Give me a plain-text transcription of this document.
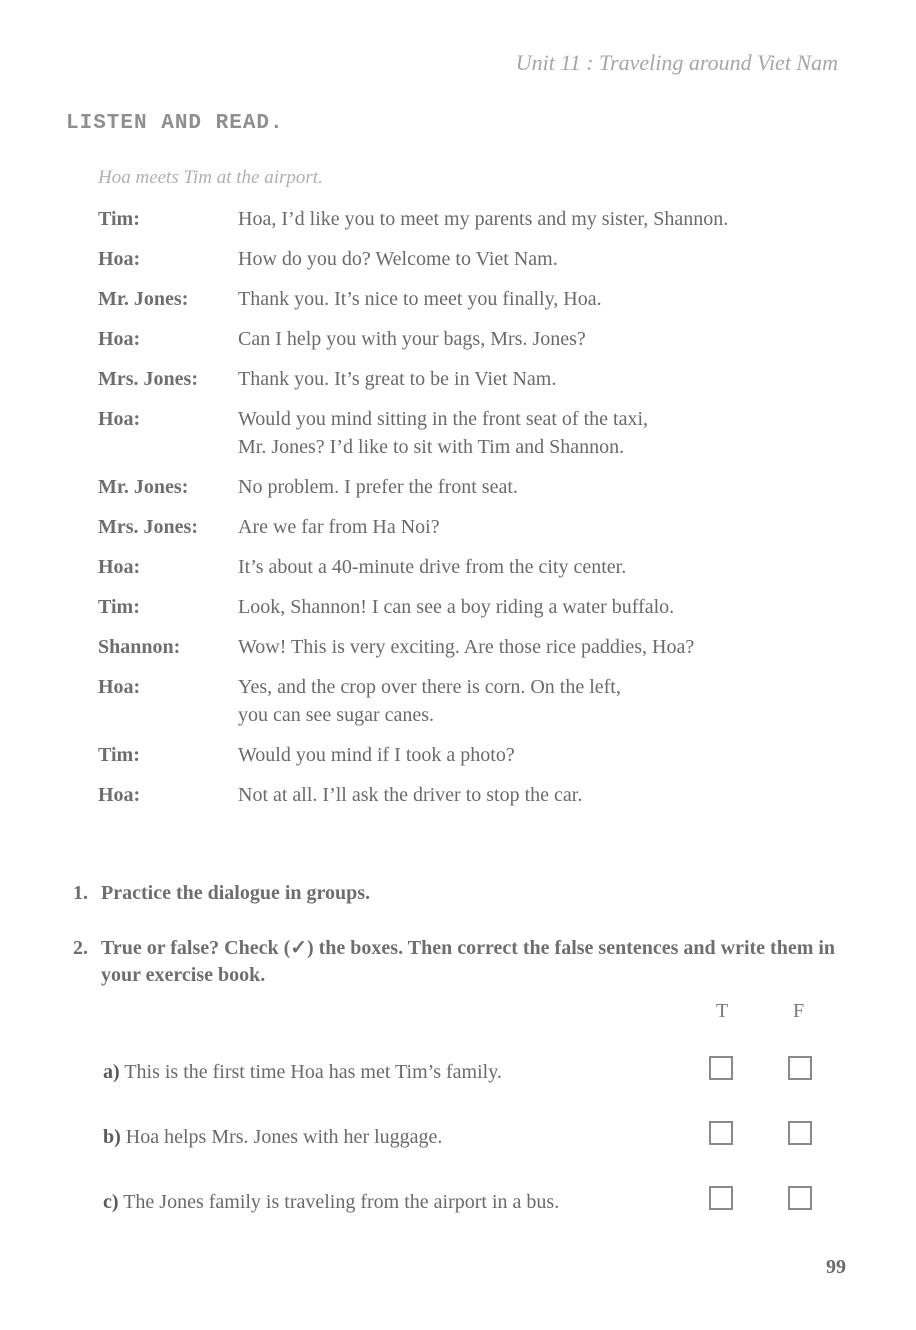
Unit 11 : Traveling around Viet Nam
LISTEN AND READ.
Hoa meets Tim at the airport.
Tim:	Hoa, I’d like you to meet my parents and my sister, Shannon.
Hoa:	How do you do? Welcome to Viet Nam.
Mr. Jones:	Thank you. It’s nice to meet you finally, Hoa.
Hoa:	Can I help you with your bags, Mrs. Jones?
Mrs. Jones:	Thank you. It’s great to be in Viet Nam.
Hoa:	Would you mind sitting in the front seat of the taxi,
Mr. Jones? I’d like to sit with Tim and Shannon.
Mr. Jones:	No problem. I prefer the front seat.
Mrs. Jones:	Are we far from Ha Noi?
Hoa:	It’s about a 40-minute drive from the city center.
Tim:	Look, Shannon! I can see a boy riding a water buffalo.
Shannon:	Wow! This is very exciting. Are those rice paddies, Hoa?
Hoa:	Yes, and the crop over there is corn. On the left,
you can see sugar canes.
Tim:	Would you mind if I took a photo?
Hoa:	Not at all. I’ll ask the driver to stop the car.
1. Practice the dialogue in groups.
2. True or false? Check (✓) the boxes. Then correct the false sentences and write them in your exercise book.
T	F
a) This is the first time Hoa has met Tim’s family.
b) Hoa helps Mrs. Jones with her luggage.
c) The Jones family is traveling from the airport in a bus.
99
